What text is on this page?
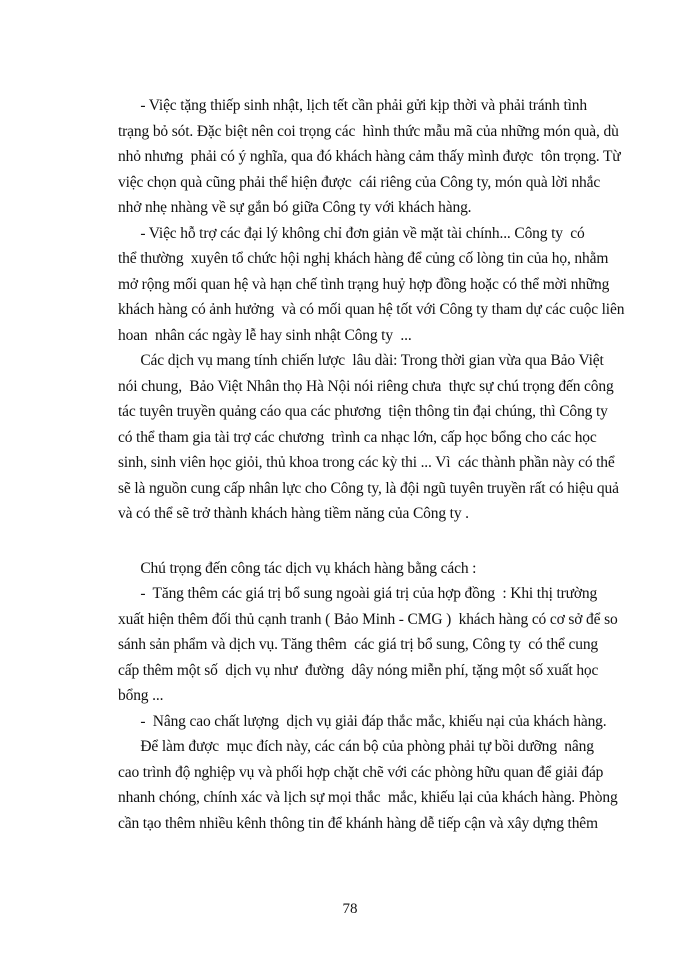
- Việc tặng thiếp sinh nhật, lịch tết cần phải gửi kịp thời và phải tránh tình
trạng bỏ sót. Đặc biệt nên coi trọng các  hình thức mẫu mã của những món quà, dù
nhỏ nhưng  phải có ý nghĩa, qua đó khách hàng cảm thấy mình được  tôn trọng. Từ
việc chọn quà cũng phải thể hiện được  cái riêng của Công ty, món quà lời nhắc
nhở nhẹ nhàng về sự gắn bó giữa Công ty với khách hàng.
- Việc hỗ trợ các đại lý không chỉ đơn giản về mặt tài chính... Công ty  có
thể thường  xuyên tổ chức hội nghị khách hàng để củng cố lòng tin của họ, nhằm
mở rộng mối quan hệ và hạn chế tình trạng huỷ hợp đồng hoặc có thể mời những
khách hàng có ảnh hưởng  và có mối quan hệ tốt với Công ty tham dự các cuộc liên
hoan  nhân các ngày lễ hay sinh nhật Công ty  ...
Các dịch vụ mang tính chiến lược  lâu dài: Trong thời gian vừa qua Bảo Việt
nói chung,  Bảo Việt Nhân thọ Hà Nội nói riêng chưa  thực sự chú trọng đến công
tác tuyên truyền quảng cáo qua các phương  tiện thông tin đại chúng, thì Công ty
có thể tham gia tài trợ các chương  trình ca nhạc lớn, cấp học bổng cho các học
sinh, sinh viên học giỏi, thủ khoa trong các kỳ thi ... Vì  các thành phần này có thể
sẽ là nguồn cung cấp nhân lực cho Công ty, là đội ngũ tuyên truyền rất có hiệu quả
và có thể sẽ trở thành khách hàng tiềm năng của Công ty .
Chú trọng đến công tác dịch vụ khách hàng bằng cách :
-  Tăng thêm các giá trị bổ sung ngoài giá trị của hợp đồng  : Khi thị trường
xuất hiện thêm đối thủ cạnh tranh ( Bảo Minh - CMG )  khách hàng có cơ sở để so
sánh sản phẩm và dịch vụ. Tăng thêm  các giá trị bổ sung, Công ty  có thể cung
cấp thêm một số  dịch vụ như  đường  dây nóng miễn phí, tặng một số xuất học
bổng ...
-  Nâng cao chất lượng  dịch vụ giải đáp thắc mắc, khiếu nại của khách hàng.
Để làm được  mục đích này, các cán bộ của phòng phải tự bồi dưỡng  nâng
cao trình độ nghiệp vụ và phối hợp chặt chẽ với các phòng hữu quan để giải đáp
nhanh chóng, chính xác và lịch sự mọi thắc  mắc, khiếu lại của khách hàng. Phòng
cần tạo thêm nhiều kênh thông tin để khánh hàng dễ tiếp cận và xây dựng thêm
78
